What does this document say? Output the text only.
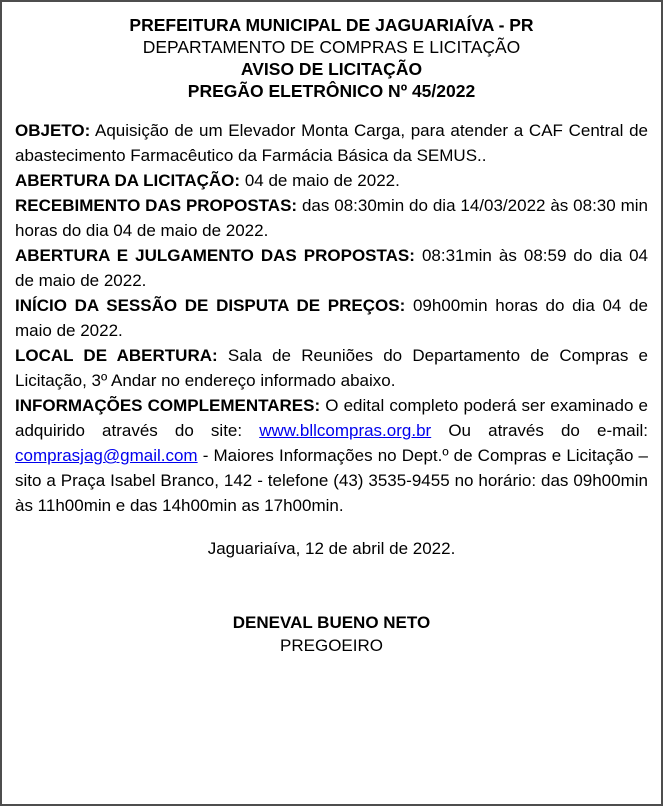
PREFEITURA MUNICIPAL DE JAGUARIAÍVA - PR
DEPARTAMENTO DE COMPRAS E LICITAÇÃO
AVISO DE LICITAÇÃO
PREGÃO ELETRÔNICO Nº 45/2022

OBJETO: Aquisição de um Elevador Monta Carga, para atender a CAF Central de abastecimento Farmacêutico da Farmácia Básica da SEMUS..

ABERTURA DA LICITAÇÃO: 04 de maio de 2022.

RECEBIMENTO DAS PROPOSTAS: das 08:30min do dia 14/03/2022 às 08:30 min horas do dia 04 de maio de 2022.

ABERTURA E JULGAMENTO DAS PROPOSTAS: 08:31min às 08:59 do dia 04 de maio de 2022.

INÍCIO DA SESSÃO DE DISPUTA DE PREÇOS: 09h00min horas do dia 04 de maio de 2022.

LOCAL DE ABERTURA: Sala de Reuniões do Departamento de Compras e Licitação, 3º Andar no endereço informado abaixo.

INFORMAÇÕES COMPLEMENTARES: O edital completo poderá ser examinado e adquirido através do site: www.bllcompras.org.br Ou através do e-mail: comprasjag@gmail.com - Maiores Informações no Dept.º de Compras e Licitação – sito a Praça Isabel Branco, 142 - telefone (43) 3535-9455 no horário: das 09h00min às 11h00min e das 14h00min as 17h00min.

Jaguariaíva, 12 de abril de 2022.
DENEVAL BUENO NETO
PREGOEIRO
